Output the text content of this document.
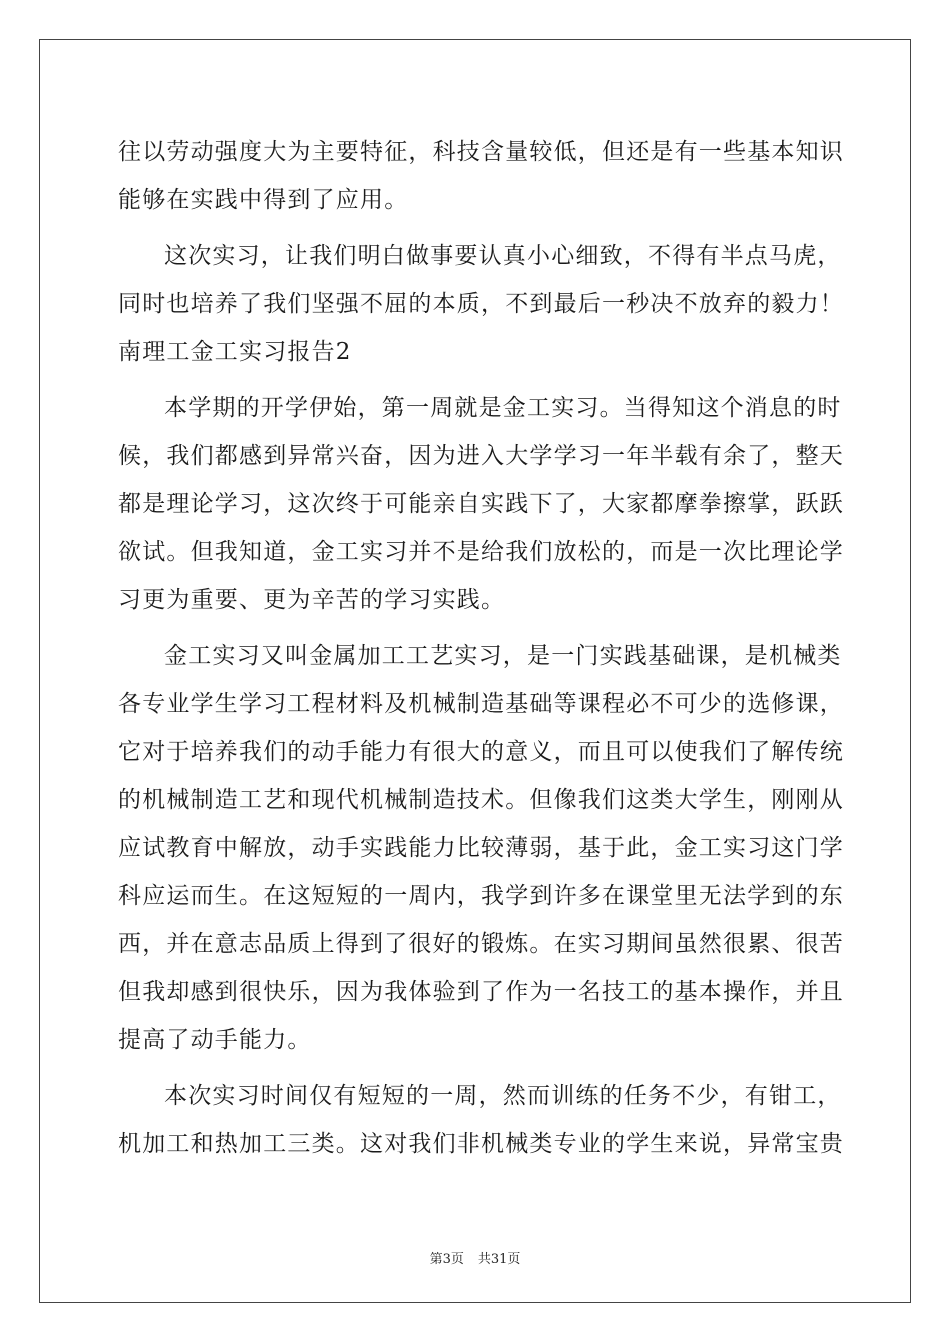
往以劳动强度大为主要特征，科技含量较低，但还是有一些基本知识
能够在实践中得到了应用。
这次实习，让我们明白做事要认真小心细致，不得有半点马虎，
同时也培养了我们坚强不屈的本质，不到最后一秒决不放弃的毅力！
南理工金工实习报告2
本学期的开学伊始，第一周就是金工实习。当得知这个消息的时
候，我们都感到异常兴奋，因为进入大学学习一年半载有余了，整天
都是理论学习，这次终于可能亲自实践下了，大家都摩拳擦掌，跃跃
欲试。但我知道，金工实习并不是给我们放松的，而是一次比理论学
习更为重要、更为辛苦的学习实践。
金工实习又叫金属加工工艺实习，是一门实践基础课，是机械类
各专业学生学习工程材料及机械制造基础等课程必不可少的选修课，
它对于培养我们的动手能力有很大的意义，而且可以使我们了解传统
的机械制造工艺和现代机械制造技术。但像我们这类大学生，刚刚从
应试教育中解放，动手实践能力比较薄弱，基于此，金工实习这门学
科应运而生。在这短短的一周内，我学到许多在课堂里无法学到的东
西，并在意志品质上得到了很好的锻炼。在实习期间虽然很累、很苦
但我却感到很快乐，因为我体验到了作为一名技工的基本操作，并且
提高了动手能力。
本次实习时间仅有短短的一周，然而训练的任务不少，有钳工，
机加工和热加工三类。这对我们非机械类专业的学生来说，异常宝贵
第3页 共31页
